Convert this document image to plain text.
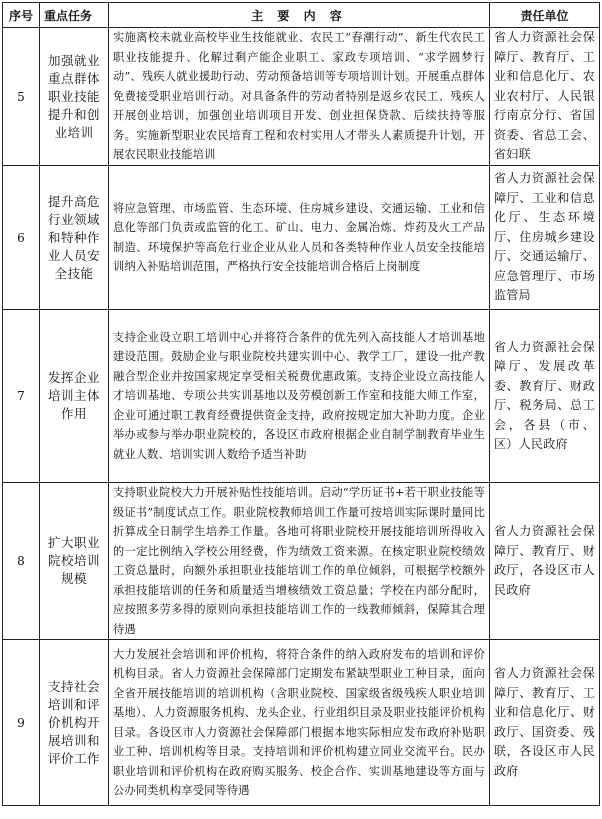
序号	重点任务	主 要 内 容	责任单位
5	加强就业重点群体职业技能提升和创业培训	实施离校未就业高校毕业生技能就业、农民工“春潮行动”、新生代农民工职业技能提升、化解过剩产能企业职工、家政专项培训、“求学圆梦行动”、残疾人就业援助行动、劳动预备培训等专项培训计划。开展重点群体免费接受职业培训行动。对具备条件的劳动者特别是返乡农民工、残疾人开展创业培训，加强创业培训项目开发、创业担保贷款、后续扶持等服务。实施新型职业农民培育工程和农村实用人才带头人素质提升计划，开展农民职业技能培训	省人力资源社会保障厅、教育厅、工业和信息化厅、农业农村厅、人民银行南京分行、省国资委、省总工会、省妇联
6	提升高危行业领域和特种作业人员安全技能	将应急管理、市场监管、生态环境、住房城乡建设、交通运输、工业和信息化等部门负责或监管的化工、矿山、电力、金属冶炼、炸药及火工产品制造、环境保护等高危行业企业从业人员和各类特种作业人员安全技能培训纳入补贴培训范围，严格执行安全技能培训合格后上岗制度	省人力资源社会保障厅、工业和信息化厅、生态环境厅、住房城乡建设厅、交通运输厅、应急管理厅、市场监管局
7	发挥企业培训主体作用	支持企业设立职工培训中心并将符合条件的优先列入高技能人才培训基地建设范围。鼓励企业与职业院校共建实训中心、教学工厂，建设一批产教融合型企业并按国家规定享受相关税费优惠政策。支持企业设立高技能人才培训基地、专项公共实训基地以及劳模创新工作室和技能大师工作室，企业可通过职工教育经费提供资金支持，政府按规定加大补助力度。企业举办或参与举办职业院校的，各设区市政府根据企业自制学制教育毕业生就业人数、培训实训人数给予适当补助	省人力资源社会保障厅、发展改革委、教育厅、财政厅、税务局、总工会，各县（市、区）人民政府
8	扩大职业院校培训规模	支持职业院校大力开展补贴性技能培训。启动“学历证书+若干职业技能等级证书”制度试点工作。职业院校教师培训工作量可按培训实际课时量同比折算成全日制学生培养工作量。各地可将职业院校开展技能培训所得收入的一定比例纳入学校公用经费，作为绩效工资来源。在核定职业院校绩效工资总量时，向额外承担职业技能培训工作的单位倾斜，可根据学校额外承担技能培训的任务和质量适当增核绩效工资总量；学校在内部分配时，应按照多劳多得的原则向承担技能培训工作的一线教师倾斜，保障其合理待遇	省人力资源社会保障厅、教育厅、财政厅，各设区市人民政府
9	支持社会培训和评价机构开展培训和评价工作	大力发展社会培训和评价机构，将符合条件的纳入政府发布的培训和评价机构目录。省人力资源社会保障部门定期发布紧缺型职业工种目录，面向全省开展技能培训的培训机构（含职业院校、国家级省级残疾人职业培训基地）、人力资源服务机构、龙头企业、行业组织目录及职业技能评价机构目录。各设区市人力资源社会保障部门根据本地实际相应发布政府补贴职业工种、培训机构等目录。支持培训和评价机构建立同业交流平台。民办职业培训和评价机构在政府购买服务、校企合作、实训基地建设等方面与公办同类机构享受同等待遇	省人力资源社会保障厅、教育厅、工业和信息化厅、财政厅、国资委、残联，各设区市人民政府
